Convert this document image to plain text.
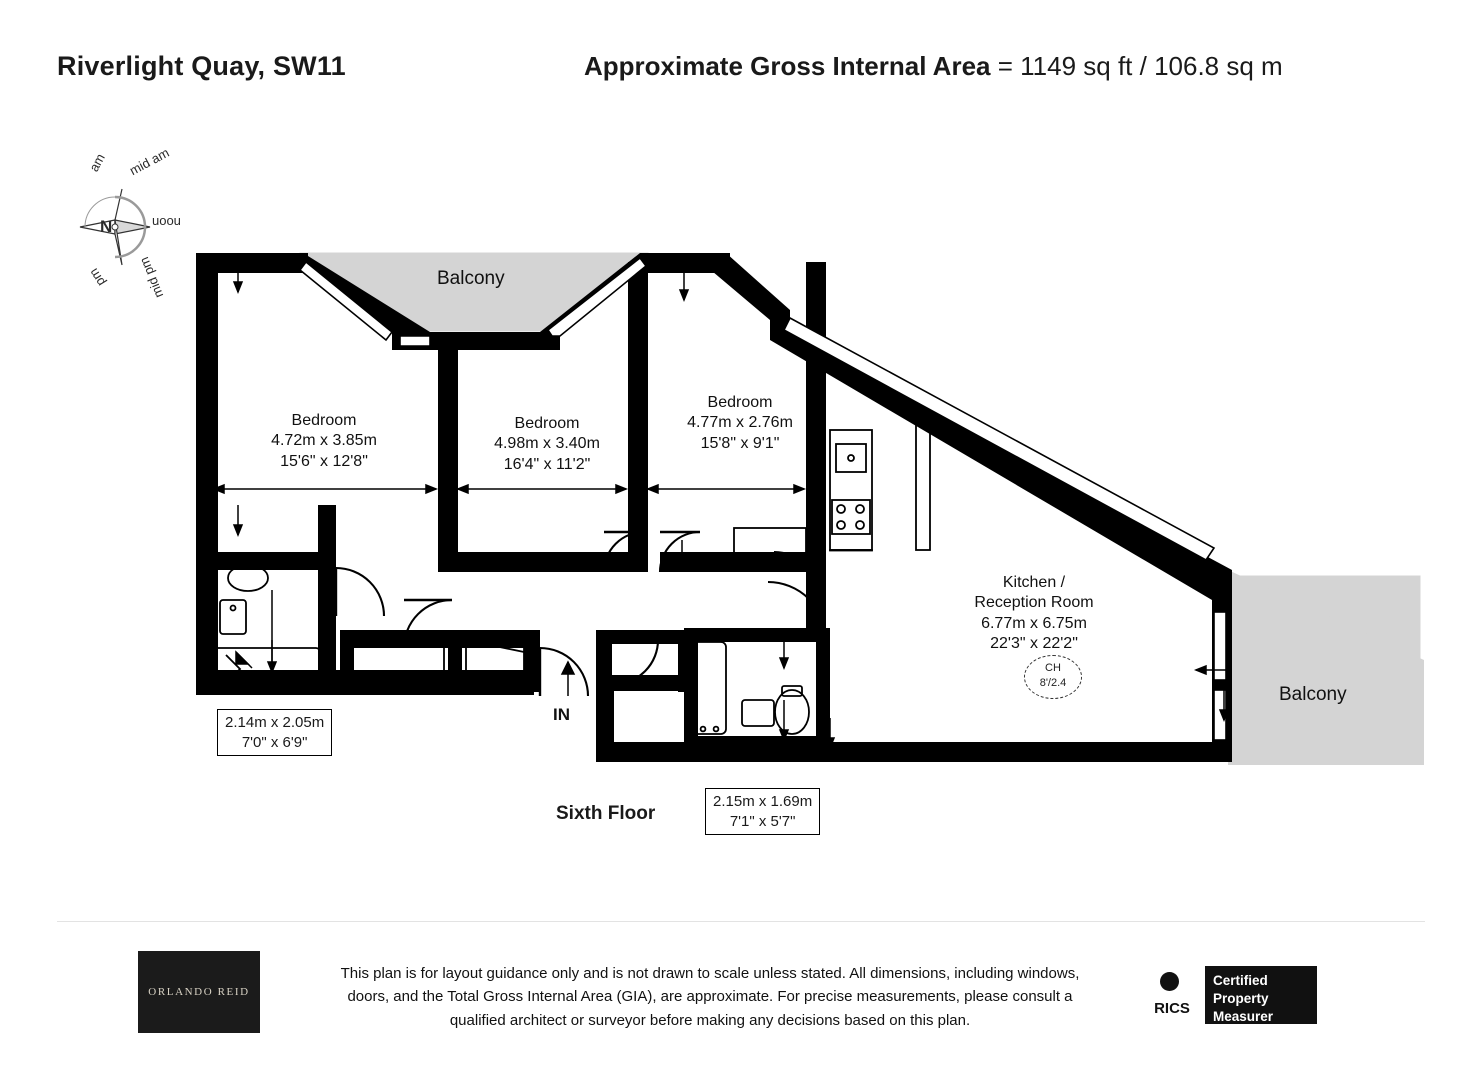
Riverlight Quay, SW11	Approximate Gross Internal Area = 1149 sq ft / 106.8 sq m
N
am mid am
noon
mid pm
pm
Bedroom
4.72m x 3.85m
15'6" x 12'8"
Bedroom
4.98m x 3.40m
16'4" x 11'2"
Bedroom
4.77m x 2.76m
15'8" x 9'1"
Kitchen /
Reception Room
6.77m x 6.75m
22'3" x 22'2"
Balcony
Balcony
CH
8'/2.4
2.14m x 2.05m
7'0" x 6'9"
2.15m x 1.69m
7'1" x 5'7"
IN
Sixth Floor
ORLANDO REID
This plan is for layout guidance only and is not drawn to scale unless stated. All dimensions, including windows, doors, and the Total Gross Internal Area (GIA), are approximate. For precise measurements, please consult a qualified architect or surveyor before making any decisions based on this plan.
RICS
Certified Property Measurer
